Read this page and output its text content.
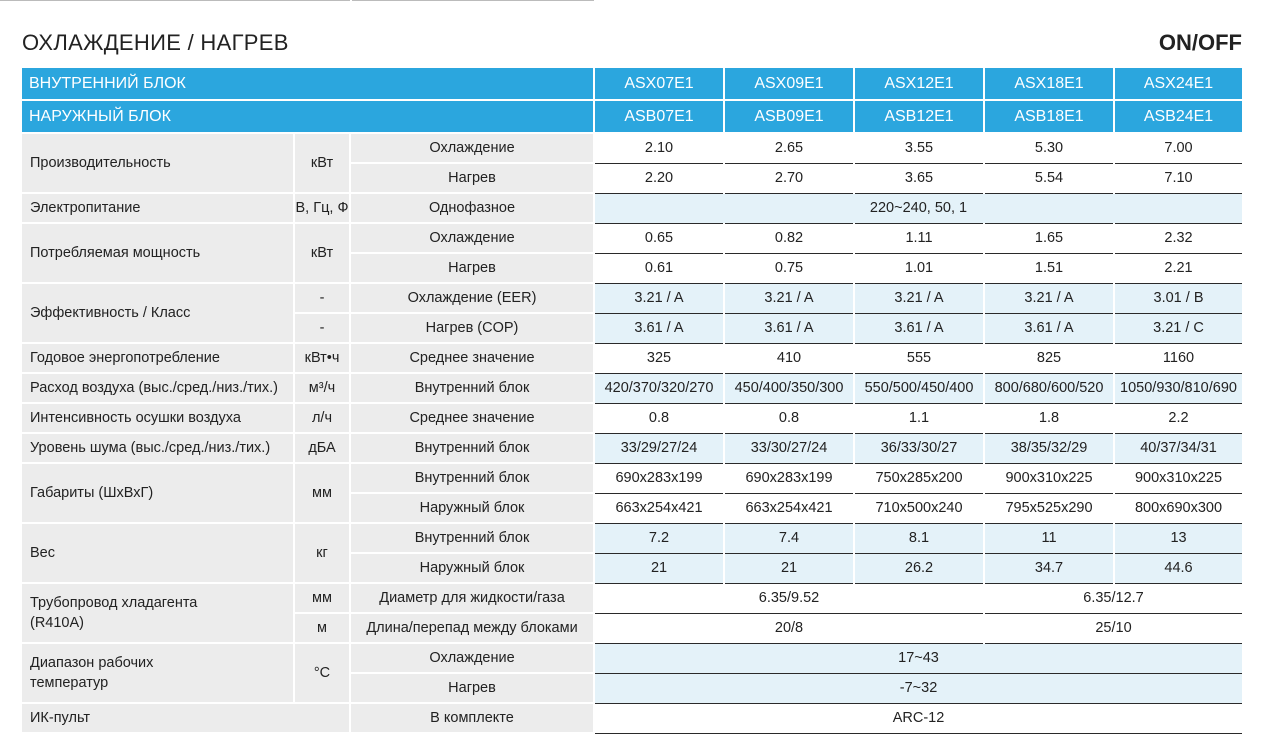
ОХЛАЖДЕНИЕ / НАГРЕВ	ON/OFF
ВНУТРЕННИЙ БЛОК			ASX07E1	ASX09E1	ASX12E1	ASX18E1	ASX24E1
НАРУЖНЫЙ БЛОК			ASB07E1	ASB09E1	ASB12E1	ASB18E1	ASB24E1
Производительность	кВт	Охлаждение	2.10	2.65	3.55	5.30	7.00
		Нагрев	2.20	2.70	3.65	5.54	7.10
Электропитание	В, Гц, Ф	Однофазное	220~240, 50, 1				
Потребляемая мощность	кВт	Охлаждение	0.65	0.82	1.11	1.65	2.32
		Нагрев	0.61	0.75	1.01	1.51	2.21
Эффективность / Класс	-	Охлаждение (EER)	3.21 / A	3.21 / A	3.21 / A	3.21 / A	3.01 / B
	-	Нагрев (COP)	3.61 / A	3.61 / A	3.61 / A	3.61 / A	3.21 / C
Годовое энергопотребление	кВт•ч	Среднее значение	325	410	555	825	1160
Расход воздуха (выс./сред./низ./тих.)	м³/ч	Внутренний блок	420/370/320/270	450/400/350/300	550/500/450/400	800/680/600/520	1050/930/810/690
Интенсивность осушки воздуха	л/ч	Среднее значение	0.8	0.8	1.1	1.8	2.2
Уровень шума (выс./сред./низ./тих.)	дБА	Внутренний блок	33/29/27/24	33/30/27/24	36/33/30/27	38/35/32/29	40/37/34/31
Габариты (ШхВхГ)	мм	Внутренний блок	690x283x199	690x283x199	750x285x200	900x310x225	900x310x225
		Наружный блок	663x254x421	663x254x421	710x500x240	795x525x290	800x690x300
Вес	кг	Внутренний блок	7.2	7.4	8.1	11	13
		Наружный блок	21	21	26.2	34.7	44.6

Трубопровод хладагента
(R410A)	мм	Диаметр для жидкости/газа	6.35/9.52			6.35/12.7	
	м	Длина/перепад между блоками	20/8			25/10	

Диапазон рабочих
температур	°C	Охлаждение	17~43				
		Нагрев	-7~32				
ИК-пульт		В комплекте	ARC-12				
